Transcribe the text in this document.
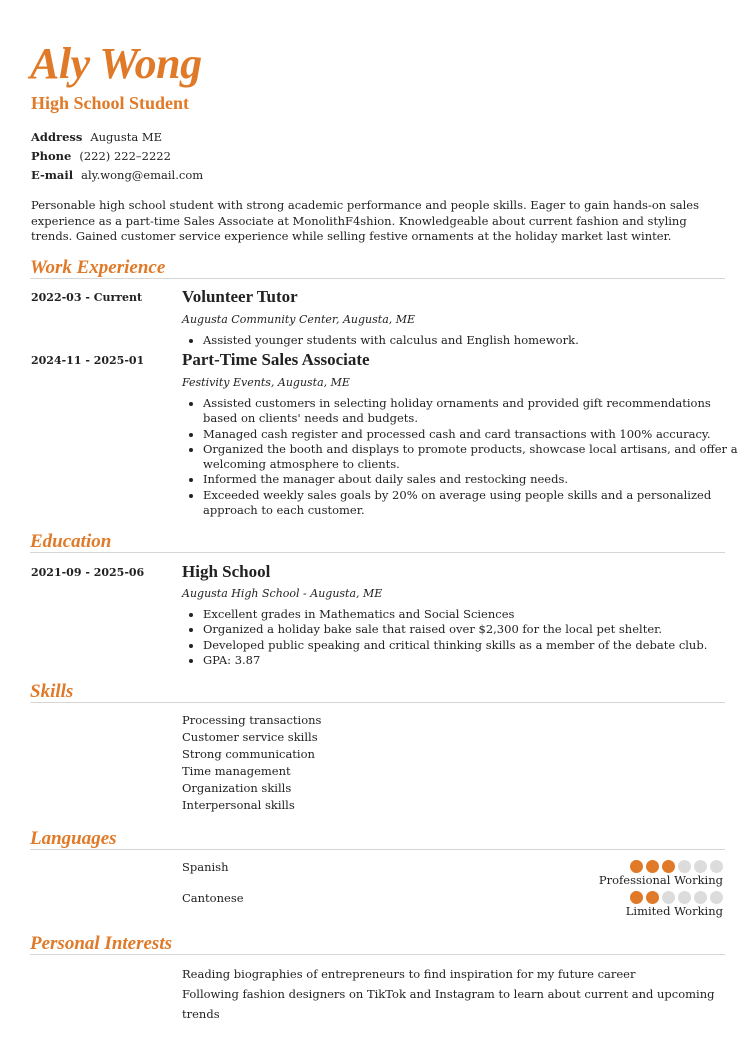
Aly Wong
High School Student
Address Augusta ME
Phone (222) 222–2222
E-mail aly.wong@email.com
Personable high school student with strong academic performance and people skills. Eager to gain hands-on sales experience as a part-time Sales Associate at MonolithF4shion. Knowledgeable about current fashion and styling trends. Gained customer service experience while selling festive ornaments at the holiday market last winter.
Work Experience
2022-03 - Current Volunteer Tutor
Augusta Community Center, Augusta, ME
• Assisted younger students with calculus and English homework.
2024-11 - 2025-01 Part-Time Sales Associate
Festivity Events, Augusta, ME
• Assisted customers in selecting holiday ornaments and provided gift recommendations based on clients' needs and budgets.
• Managed cash register and processed cash and card transactions with 100% accuracy.
• Organized the booth and displays to promote products, showcase local artisans, and offer a welcoming atmosphere to clients.
• Informed the manager about daily sales and restocking needs.
• Exceeded weekly sales goals by 20% on average using people skills and a personalized approach to each customer.
Education
2021-09 - 2025-06 High School
Augusta High School - Augusta, ME
• Excellent grades in Mathematics and Social Sciences
• Organized a holiday bake sale that raised over $2,300 for the local pet shelter.
• Developed public speaking and critical thinking skills as a member of the debate club.
• GPA: 3.87
Skills
Processing transactions
Customer service skills
Strong communication
Time management
Organization skills
Interpersonal skills
Languages
Spanish
Professional Working
Cantonese
Limited Working
Personal Interests
Reading biographies of entrepreneurs to find inspiration for my future career
Following fashion designers on TikTok and Instagram to learn about current and upcoming trends
